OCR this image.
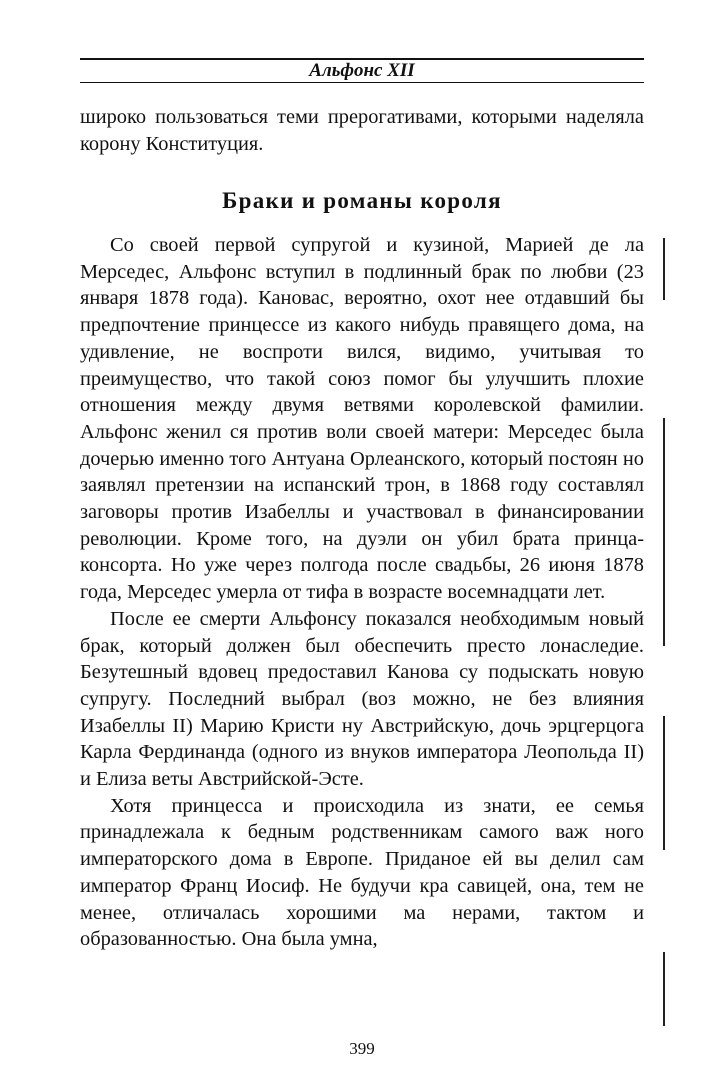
Альфонс XII

широко пользоваться теми прерогативами, которыми наделяла корону Конституция.

Браки и романы короля

Со своей первой супругой и кузиной, Марией де ла Мерседес, Альфонс вступил в подлинный брак по любви (23 января 1878 года). Кановас, вероятно, охот нее отдавший бы предпочтение принцессе из какого нибудь правящего дома, на удивление, не воспроти вился, видимо, учитывая то преимущество, что такой союз помог бы улучшить плохие отношения между двумя ветвями королевской фамилии. Альфонс женил ся против воли своей матери: Мерседес была дочерью именно того Антуана Орлеанского, который постоян но заявлял претензии на испанский трон, в 1868 году составлял заговоры против Изабеллы и участвовал в финансировании революции. Кроме того, на дуэли он убил брата принца-консорта. Но уже через полгода после свадьбы, 26 июня 1878 года, Мерседес умерла от тифа в возрасте восемнадцати лет.

После ее смерти Альфонсу показался необходимым новый брак, который должен был обеспечить престо лонаследие. Безутешный вдовец предоставил Канова су подыскать новую супругу. Последний выбрал (воз можно, не без влияния Изабеллы II) Марию Кристи ну Австрийскую, дочь эрцгерцога Карла Фердинанда (одного из внуков императора Леопольда II) и Елиза веты Австрийской-Эсте.

Хотя принцесса и происходила из знати, ее семья принадлежала к бедным родственникам самого важ ного императорского дома в Европе. Приданое ей вы делил сам император Франц Иосиф. Не будучи кра савицей, она, тем не менее, отличалась хорошими ма нерами, тактом и образованностью. Она была умна,

399
